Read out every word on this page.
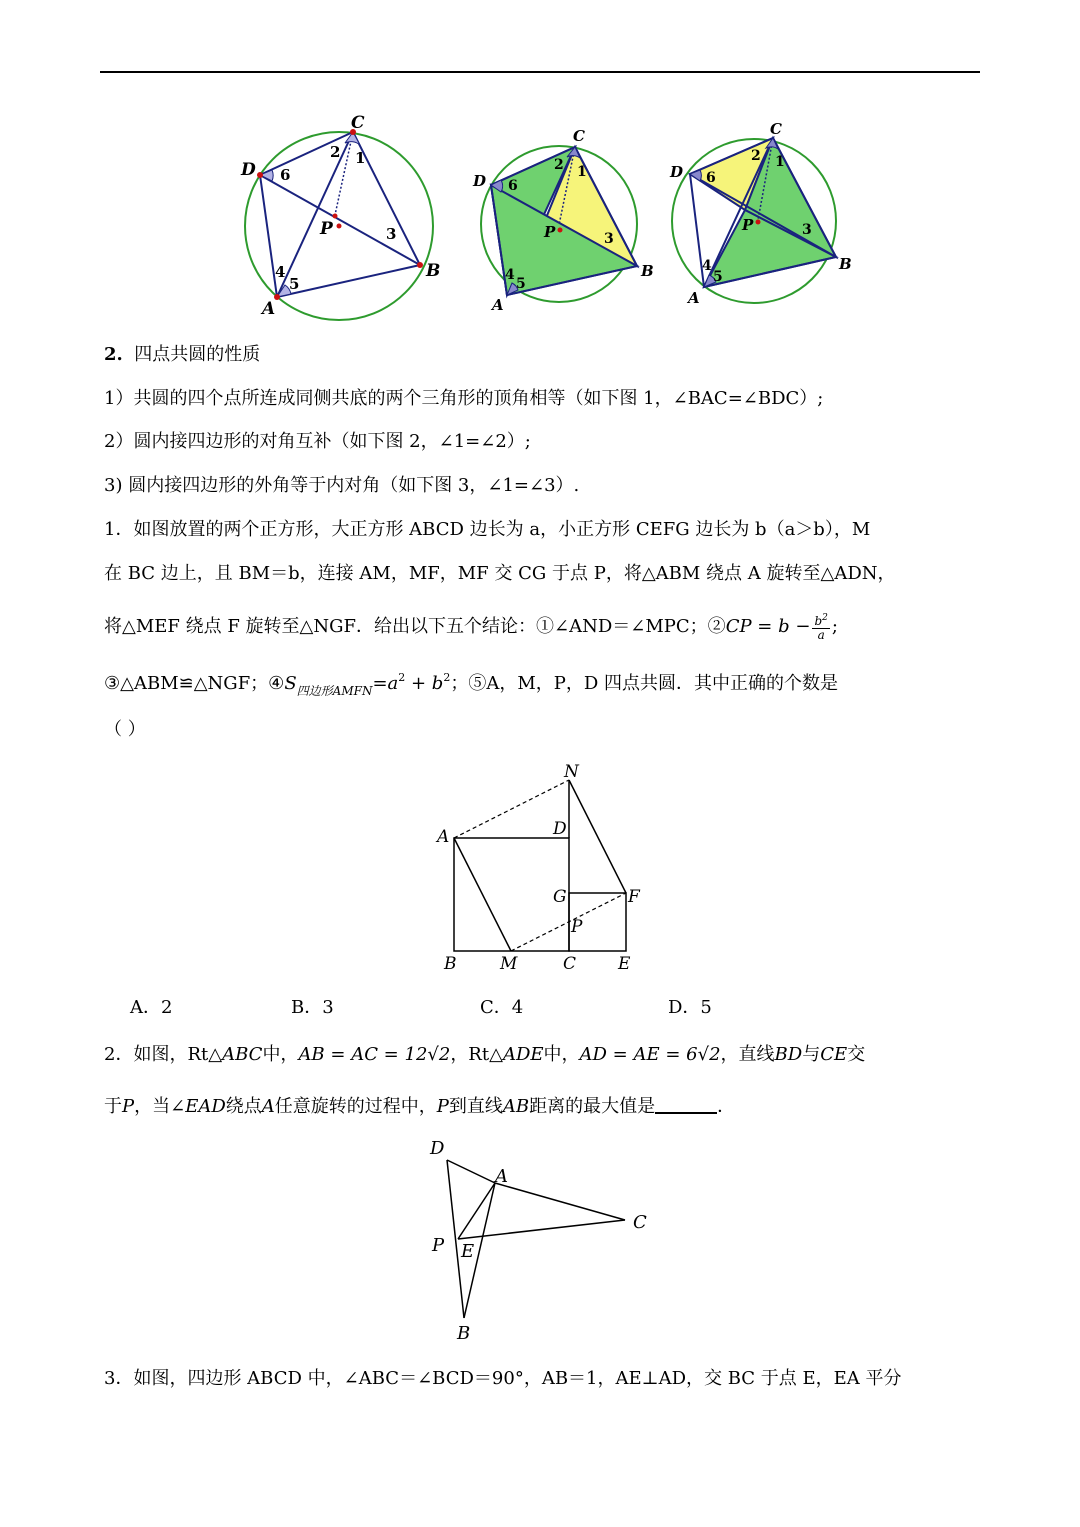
C
D
A
B
P
1
2
3
4
5
6
C
D
A
B
P
1
2
3
4
5
6
C
D
A
B
P
1
2
3
4
5
6
2. 四点共圆的性质
1）共圆的四个点所连成同侧共底的两个三角形的顶角相等（如下图 1，∠BAC=∠BDC）;
2）圆内接四边形的对角互补（如下图 2，∠1=∠2）;
3) 圆内接四边形的外角等于内对角（如下图 3，∠1=∠3）.
1．如图放置的两个正方形，大正方形 ABCD 边长为 a，小正方形 CEFG 边长为 b（a＞b），M
在 BC 边上，且 BM＝b，连接 AM，MF，MF 交 CG 于点 P，将△ABM 绕点 A 旋转至△ADN，
将△MEF 绕点 F 旋转至△NGF．给出以下五个结论：①∠AND＝∠MPC；②CP = $b - \frac{b^2}{a}$ ;
③△ABM≌△NGF；$④S_{四边形AMFN}=a^2 + b^2$；⑤A，M，P，D 四点共圆．其中正确的个数是
（ ）
N
A	D
G	F
P
B	M	C E
A．2	B．3	C．4	D．5
2．如图，Rt△ABC中，AB = AC = 12√2，Rt△ADE中，AD = AE = 6√2，直线BD与CE交
于P，当∠EAD绕点A任意旋转的过程中，P到直线AB距离的最大值是	．
D
A
C
P E
B
3．如图，四边形 ABCD 中，∠ABC＝∠BCD＝90°，AB＝1，AE⊥AD，交 BC 于点 E，EA 平分
